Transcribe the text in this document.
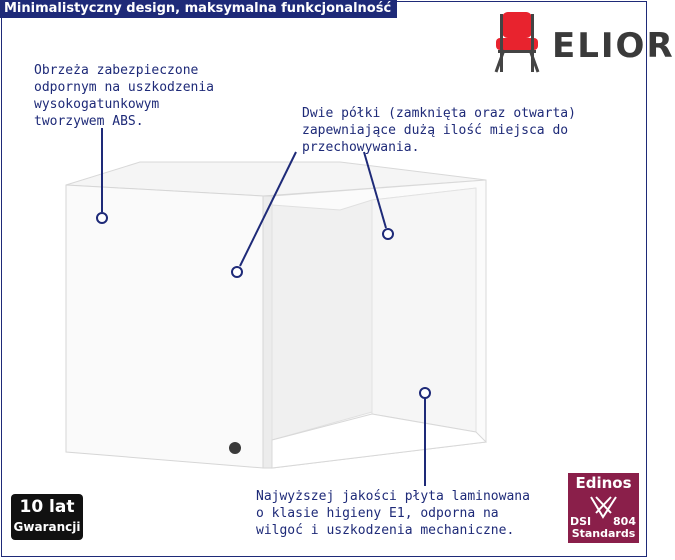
Minimalistyczny design, maksymalna funkcjonalność
ELIOR
Obrzeża zabezpieczone
odpornym na uszkodzenia
wysokogatunkowym
tworzywem ABS.
Dwie półki (zamknięta oraz otwarta)
zapewniające dużą ilość miejsca do
przechowywania.
Najwyższej jakości płyta laminowana
o klasie higieny E1, odporna na
wilgoć i uszkodzenia mechaniczne.
10 lat
Gwarancji
Edinos
DSI 804
Standards
